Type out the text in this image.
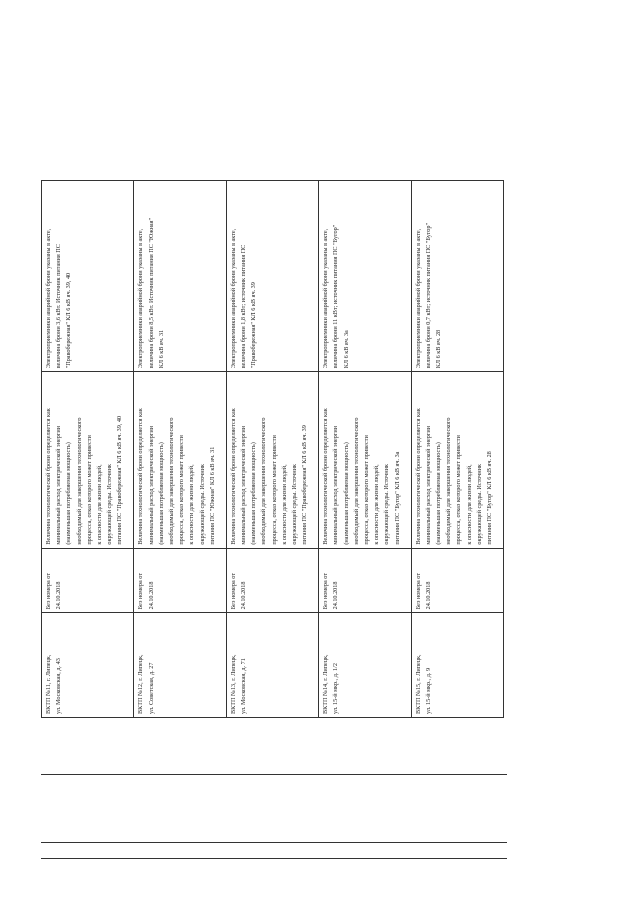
ВКТП №11, г. Липецк,
ул. Московская, д. 43
Без номера от
24.10.2018
Величина технологической брони определяется как
минимальный расход электрической энергии
(наименьшая потребляемая мощность)
необходимый для завершения технологического
процесса, отказ которого может привести
к опасности для жизни людей,
окружающей среды. Источник
питания ПС "Правобережная" КЛ 6 кВ яч. 39, 40
Электроприемники аварийной брони указаны в акте,
величина брони 3,6 кВт. Источник питания ПС
"Правобережная" КЛ 6 кВ яч. 39, 40
ВКТП №12, г. Липецк,
ул. Советская, д. 27
Без номера от
24.10.2018
Величина технологической брони определяется как
минимальный расход электрической энергии
(наименьшая потребляемая мощность)
необходимый для завершения технологического
процесса, отказ которого может привести
к опасности для жизни людей,
окружающей среды. Источник
питания ПС "Южная" КЛ 6 кВ яч. 31
Электроприемники аварийной брони указаны в акте,
величина брони 8,5 кВт. Источник питания ПС "Южная"
КЛ 6 кВ яч. 31
ВКТП №13, г. Липецк,
ул. Московская, д. 71
Без номера от
24.10.2018
Величина технологической брони определяется как
минимальный расход электрической энергии
(наименьшая потребляемая мощность)
необходимый для завершения технологического
процесса, отказ которого может привести
к опасности для жизни людей,
окружающей среды. Источник
питания ПС "Правобережная" КЛ 6 кВ яч. 39
Электроприемники аварийной брони указаны в акте,
величина брони 1,8 кВт; источник питания ПС
"Правобережная" КЛ 6 кВ яч. 39
ВКТП №14, г. Липецк,
ул. 15-й мкр., д. 1/2
Без номера от
24.10.2018
Величина технологической брони определяется как
минимальный расход электрической энергии
(наименьшая потребляемая мощность)
необходимый для завершения технологического
процесса, отказ которого может привести
к опасности для жизни людей,
окружающей среды. Источник
питания ПС "Бугор" КЛ 6 кВ яч. 3а
Электроприемники аварийной брони указаны в акте,
величина брони 11 кВт; источник питания ПС "Бугор"
КЛ 6 кВ яч. 3а
ВКТП №15, г. Липецк,
ул. 15-й мкр., д. 9
Без номера от
24.10.2018
Величина технологической брони определяется как
минимальный расход электрической энергии
(наименьшая потребляемая мощность)
необходимый для завершения технологического
процесса, отказ которого может привести
к опасности для жизни людей,
окружающей среды. Источник
питания ПС "Бугор" КЛ 6 кВ яч. 28
Электроприемники аварийной брони указаны в акте,
величина брони 0,7 кВт; источник питания ПС "Бугор"
КЛ 6 кВ яч. 28
